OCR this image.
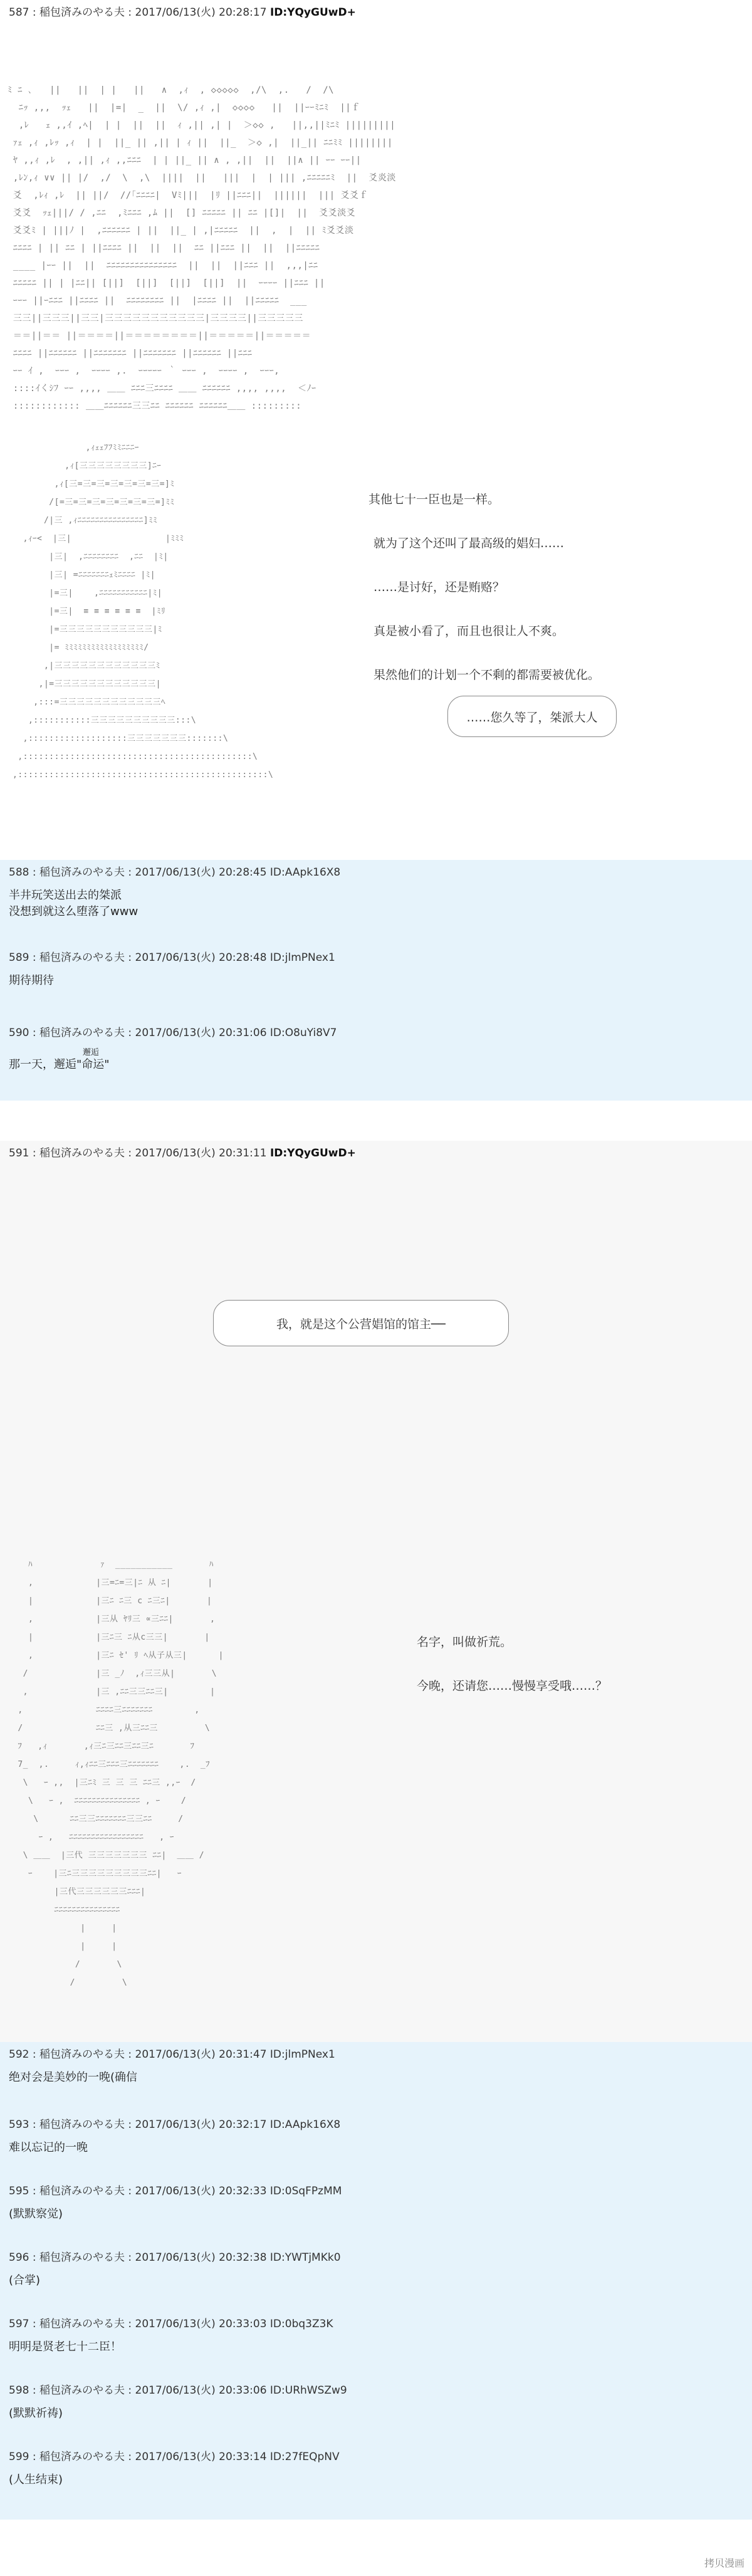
587 : 稲包済みのやる夫 : 2017/06/13(火) 20:28:17 ID:YQyGUwD+
ﾐ ﾆ ､   ||   ||  | |   ||   ∧  ,ｨ  , ◇◇◇◇◇  ,/\  ,.   /  /\
ﾆｯ ,,,  ｯｪ   ||  |=|  _  ||  \/ ,ｨ ,|  ◇◇◇◇   ||  ||ｰｰﾐﾆﾐ  ||ｆ
,ﾚ   ｪ ,,ｲ ,ﾍ|  | |  ||  ||  ｨ ,|| ,| |  ＞◇◇ ,   ||,,||ﾐﾆﾐ |||||||||
ｧｪ ,ｨ ,ﾚｯ ,ｨ  | |  ||_ || ,|| | ｨ ||  ||_  ＞◇ ,|  ||_|| ﾆﾆﾐﾐ ||||||||
ﾔ ,,ｨ ,ﾚ  , ,|| ,ｨ ,,ﾆﾆﾆ  | | ||_ || ∧ , ,||  ||  ||∧ || ｰｰ ｰｰ||
,ﾚﾝ,ｨ ∨∨ || |/  ,/  \  ,\  ||||  ||   |||  |  | ||| ,ﾆﾆﾆﾆﾆﾐ  ||  爻炎淡
爻  ,ﾚｨ ,ﾚ  || ||/  //｢ﾆﾆﾆﾆ|  Vﾐ|||  |ﾘ ||ﾆﾆﾆ||  ||||||  ||| 爻爻ｆ
爻爻  ｯｪ|||/ / ,ﾆﾆ  ,ﾐﾆﾆﾆ ,ﾑ ||  [] ﾆﾆﾆﾆﾆ || ﾆﾆ |[]|  ||  爻爻淡爻
爻爻ﾐ | |||ﾉ |  ,ﾆﾆﾆﾆﾆﾆ | ||  ||_ | ,|ﾆﾆﾆﾆﾆ  ||  ,  |  || ﾐ爻爻淡
ﾆﾆﾆﾆ | || ﾆﾆ | ||ﾆﾆﾆﾆ ||  ||  ||  ﾆﾆ ||ﾆﾆﾆ ||  ||  ||ﾆﾆﾆﾆﾆ
____ |ｰｰ ||  ||  ﾆﾆﾆﾆﾆﾆﾆﾆﾆﾆﾆﾆﾆﾆﾆ  ||  ||  ||ﾆﾆﾆ ||  ,,,|ﾆﾆ
ﾆﾆﾆﾆﾆ || | |ﾆﾆ|| [||]  [||]  [||]  [||]  ||  ｰｰｰｰ ||ﾆﾆﾆ ||
ｰｰｰ ||ｰﾆﾆﾆ ||ﾆﾆﾆﾆ ||  ﾆﾆﾆﾆﾆﾆﾆﾆ ||  |ﾆﾆﾆﾆ ||  ||ﾆﾆﾆﾆﾆ  ___
三三||三三三||三三|三三三三三三三三三三三|三三三三||三三三三三
＝＝||＝＝ ||＝＝＝＝||＝＝＝＝＝＝＝＝||＝＝＝＝＝||＝＝＝＝＝
ﾆﾆﾆﾆ ||ﾆﾆﾆﾆﾆﾆ ||ﾆﾆﾆﾆﾆﾆﾆ ||ﾆﾆﾆﾆﾆﾆﾆ ||ﾆﾆﾆﾆﾆﾆ ||ﾆﾆﾆ
ｰｰ ｲ ,  ｰｰｰ ,  ｰｰｰｰ ,.  ｰｰｰｰｰ ｀ ｰｰｰ ,  ｰｰｰｰ ,  ｰｰｰ,
::::ｲくｼﾌ ｰｰ ,,,, ＿＿ ﾆﾆﾆ三ﾆﾆﾆﾆ ＿＿ ﾆﾆﾆﾆﾆﾆ ,,,, ,,,,  ＜ﾉｰ
:::::::::::: ＿＿ﾆﾆﾆﾆﾆﾆ三三ﾆﾆ ﾆﾆﾆﾆﾆﾆ ﾆﾆﾆﾆﾆﾆ＿＿ :::::::::
,ｨｪｪﾌﾌﾐﾐﾆﾆﾆｰ
,ｨ[三三三三三三三三]ﾆｰ
,ｨ[三=三=三=三=三=三=三=]ﾐ
/[=三=三=三=三=三=三=三=]ﾐﾐ
/|三 ,ｨﾆﾆﾆﾆﾆﾆﾆﾆﾆﾆﾆﾆﾆﾆﾆ]ﾐﾐ
,ｨｰ<  |三|                  |ﾐﾐﾐ
|三|  ,ﾆﾆﾆﾆﾆﾆﾆﾆ  ,ﾆﾆ  |ﾐ|
|三| =ﾆﾆﾆﾆﾆﾆﾆｪﾐﾆﾆﾆﾆ |ﾐ|
|=三|    ,ﾆﾆﾆﾆﾆﾆﾆﾆﾆﾆﾆ|ﾐ|
|=三|  ≡ ≡ ≡ ≡ ≡ ≡  |ﾐﾘ
|=三三三三三三三三三三三|ﾐ
|= ﾐﾐﾐﾐﾐﾐﾐﾐﾐﾐﾐﾐﾐﾐﾐﾐﾐﾐ/
,|三三三三三三三三三三三三ﾐ
,|=三三三三三三三三三三三三|
,:::=三三三三三三三三三三三三ﾍ
,:::::::::::三三三三三三三三三三:::\
,:::::::::::::::::::三三三三三三三:::::::\
,::::::::::::::::::::::::::::::::::::::::::::\
,::::::::::::::::::::::::::::::::::::::::::::::::\
其他七十一臣也是一样。
就为了这个还叫了最高级的娼妇……
……是讨好，还是贿赂？
真是被小看了，而且也很让人不爽。
果然他们的计划一个不剩的都需要被优化。
……您久等了，桀派大人
588 : 稲包済みのやる夫 : 2017/06/13(火) 20:28:45 ID:AApk16X8
半井玩笑送出去的桀派
没想到就这么堕落了www
589 : 稲包済みのやる夫 : 2017/06/13(火) 20:28:48 ID:jlmPNex1
期待期待
590 : 稲包済みのやる夫 : 2017/06/13(火) 20:31:06 ID:O8uYi8V7
邂逅
那一天，邂逅"命运"
591 : 稲包済みのやる夫 : 2017/06/13(火) 20:31:11 ID:YQyGUwD+
我，就是这个公营娼馆的馆主──
ﾊ             ｧ  ___________       ﾊ
,            |三=ﾆ=三|ﾆ 从 ﾆ|       |
|            |三ﾆ ﾆ三 c ﾆ三ﾆ|       |
,            |三从 ﾔﾘ三 ∝三ﾆﾆ|       ,
|            |三ﾆ三 ﾆ从c三三|       |
,            |三ﾆ ｾ' ﾘ ﾍ从子从三|      |
/             |三 _ﾉ  ,ｨ三三从|       \
,             |三 ,ﾆﾆ三三ﾆﾆ三|        |
,              ﾆﾆﾆﾆ三ﾆﾆﾆﾆﾆﾆﾆ        ,
/              ﾆﾆ三 ,从三ﾆﾆ三         \
ﾌ   ,ｨ       ,ｨ三ﾆ三ﾆﾆ三ﾆﾆ三ﾆ       ﾌ
7_  ,.     ｨ,ｨﾆﾆ三ﾆﾆﾆ三ﾆﾆﾆﾆﾆﾆﾆ    ,.  _ﾌ
\   ｰ ,,  |三ﾆﾐ 三 三 三 ﾆﾆ三 ,,ｰ  /
\   ｰ ,  ﾆﾆﾆﾆﾆﾆﾆﾆﾆﾆﾆﾆﾆﾆﾆ , ｰ    /
\      ﾆﾆ三三ﾆﾆﾆﾆﾆﾆﾆ三三ﾆﾆ     /
ｰ ,   ﾆﾆﾆﾆﾆﾆﾆﾆﾆﾆﾆﾆﾆﾆﾆﾆﾆ   , ｰ
\ ＿＿  |三代 三三三三三三三 ﾆﾆ|  ＿＿ /
ｰ    |三ﾆ三三三三三三三三三ﾆﾆ|   ｰ
|三代三三三三三三ﾆﾆﾆ|
ﾆﾆﾆﾆﾆﾆﾆﾆﾆﾆﾆﾆﾆﾆﾆ
|     |
|     |
/       \
/         \
名字，叫做祈荒。
今晚，还请您……慢慢享受哦……？
592 : 稲包済みのやる夫 : 2017/06/13(火) 20:31:47 ID:jlmPNex1
绝对会是美妙的一晚(确信
593 : 稲包済みのやる夫 : 2017/06/13(火) 20:32:17 ID:AApk16X8
难以忘记的一晚
595 : 稲包済みのやる夫 : 2017/06/13(火) 20:32:33 ID:0SqFPzMM
(默默察觉)
596 : 稲包済みのやる夫 : 2017/06/13(火) 20:32:38 ID:YWTjMKk0
(合掌)
597 : 稲包済みのやる夫 : 2017/06/13(火) 20:33:03 ID:0bq3Z3K
明明是贤老七十二臣！
598 : 稲包済みのやる夫 : 2017/06/13(火) 20:33:06 ID:URhWSZw9
(默默祈祷)
599 : 稲包済みのやる夫 : 2017/06/13(火) 20:33:14 ID:27fEQpNV
(人生结束)
拷贝漫画
